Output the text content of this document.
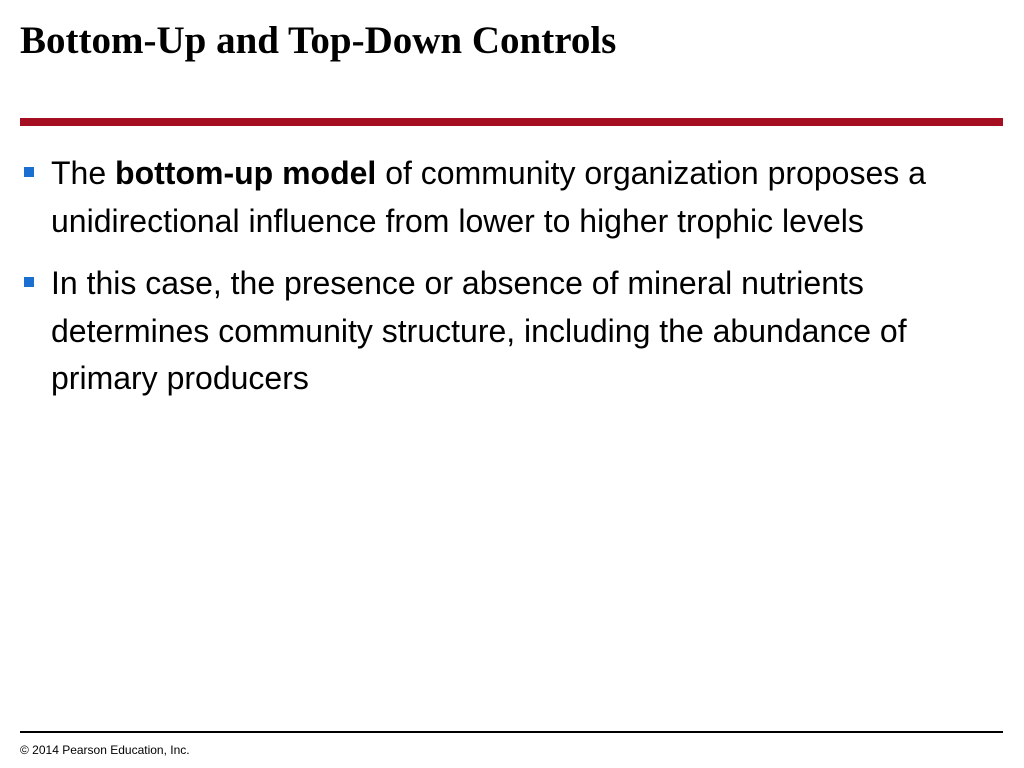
Bottom-Up and Top-Down Controls
The bottom-up model of community organization proposes a unidirectional influence from lower to higher trophic levels
In this case, the presence or absence of mineral nutrients determines community structure, including the abundance of primary producers
© 2014 Pearson Education, Inc.
